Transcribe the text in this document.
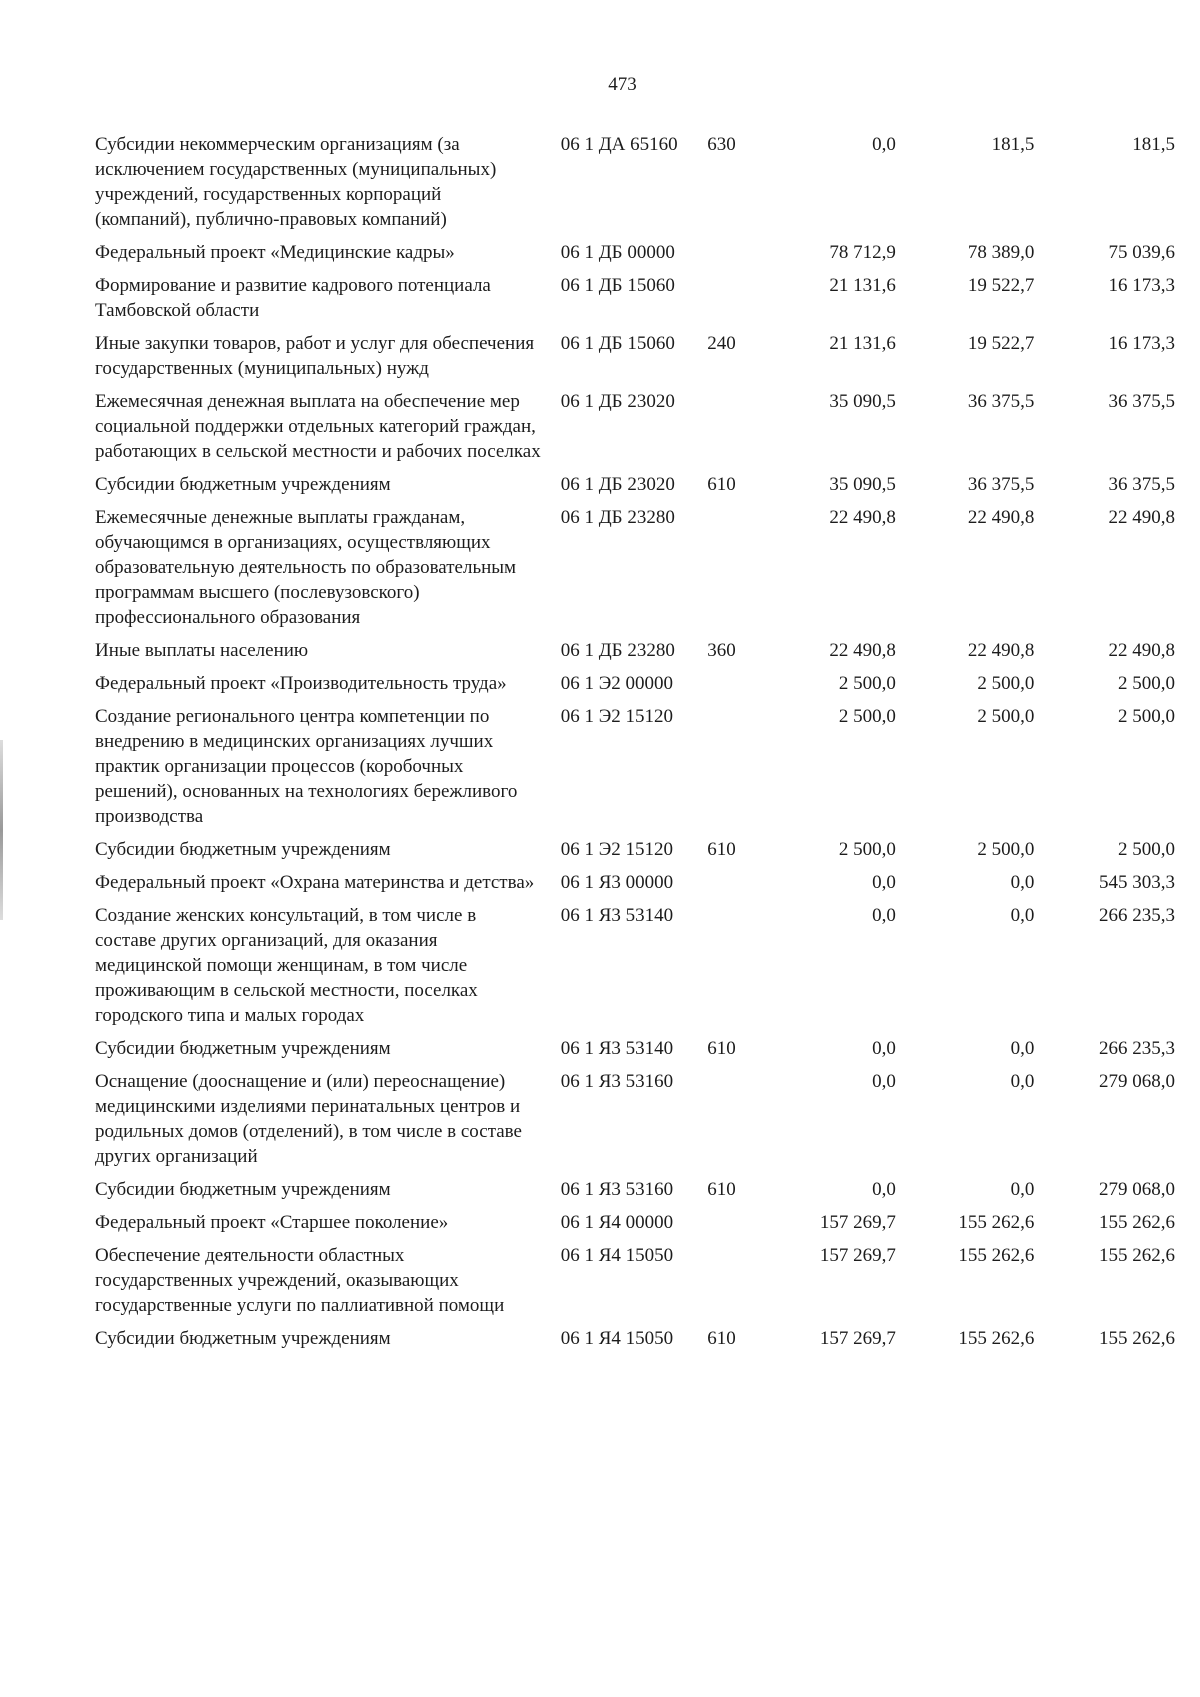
473
Субсидии некоммерческим организациям (за исключением государственных (муниципальных) учреждений, государственных корпораций (компаний), публично-правовых компаний)	06 1 ДА 65160	630	0,0	181,5	181,5
Федеральный проект «Медицинские кадры»	06 1 ДБ 00000		78 712,9	78 389,0	75 039,6
Формирование и развитие кадрового потенциала Тамбовской области	06 1 ДБ 15060		21 131,6	19 522,7	16 173,3
Иные закупки товаров, работ и услуг для обеспечения государственных (муниципальных) нужд	06 1 ДБ 15060	240	21 131,6	19 522,7	16 173,3
Ежемесячная денежная выплата на обеспечение мер социальной поддержки отдельных категорий граждан, работающих в сельской местности и рабочих поселках	06 1 ДБ 23020		35 090,5	36 375,5	36 375,5
Субсидии бюджетным учреждениям	06 1 ДБ 23020	610	35 090,5	36 375,5	36 375,5
Ежемесячные денежные выплаты гражданам, обучающимся в организациях, осуществляющих образовательную деятельность по образовательным программам высшего (послевузовского) профессионального образования	06 1 ДБ 23280		22 490,8	22 490,8	22 490,8
Иные выплаты населению	06 1 ДБ 23280	360	22 490,8	22 490,8	22 490,8
Федеральный проект «Производительность труда»	06 1 Э2 00000		2 500,0	2 500,0	2 500,0
Создание регионального центра компетенции по внедрению в медицинских организациях лучших практик организации процессов (коробочных решений), основанных на технологиях бережливого производства	06 1 Э2 15120		2 500,0	2 500,0	2 500,0
Субсидии бюджетным учреждениям	06 1 Э2 15120	610	2 500,0	2 500,0	2 500,0
Федеральный проект «Охрана материнства и детства»	06 1 Я3 00000		0,0	0,0	545 303,3
Создание женских консультаций, в том числе в составе других организаций, для оказания медицинской помощи женщинам, в том числе проживающим в сельской местности, поселках городского типа и малых городах	06 1 Я3 53140		0,0	0,0	266 235,3
Субсидии бюджетным учреждениям	06 1 Я3 53140	610	0,0	0,0	266 235,3
Оснащение (дооснащение и (или) переоснащение) медицинскими изделиями перинатальных центров и родильных домов (отделений), в том числе в составе других организаций	06 1 Я3 53160		0,0	0,0	279 068,0
Субсидии бюджетным учреждениям	06 1 Я3 53160	610	0,0	0,0	279 068,0
Федеральный проект «Старшее поколение»	06 1 Я4 00000		157 269,7	155 262,6	155 262,6
Обеспечение деятельности областных государственных учреждений, оказывающих государственные услуги по паллиативной помощи	06 1 Я4 15050		157 269,7	155 262,6	155 262,6
Субсидии бюджетным учреждениям	06 1 Я4 15050	610	157 269,7	155 262,6	155 262,6
